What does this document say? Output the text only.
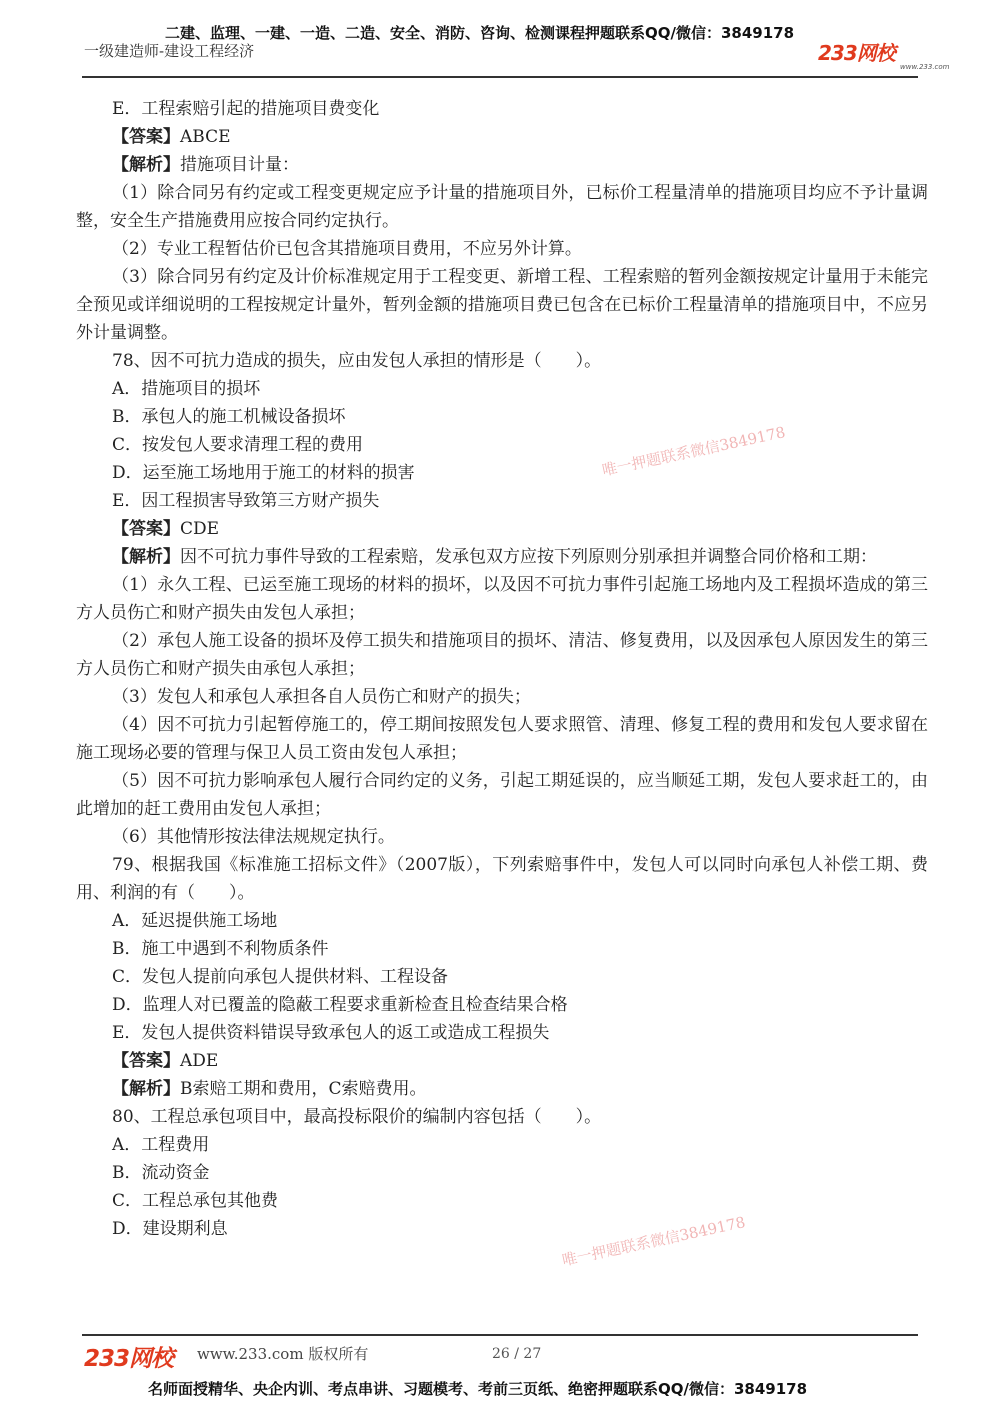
二建、监理、一建、一造、二造、安全、消防、咨询、检测课程押题联系QQ/微信：3849178
一级建造师-建设工程经济	233网校
www.233.com

E．工程索赔引起的措施项目费变化

【答案】ABCE

【解析】措施项目计量：

（1）除合同另有约定或工程变更规定应予计量的措施项目外，已标价工程量清单的措施项目均应不予计量调整，安全生产措施费用应按合同约定执行。

（2）专业工程暂估价已包含其措施项目费用，不应另外计算。

（3）除合同另有约定及计价标准规定用于工程变更、新增工程、工程索赔的暂列金额按规定计量用于未能完全预见或详细说明的工程按规定计量外，暂列金额的措施项目费已包含在已标价工程量清单的措施项目中，不应另外计量调整。

78、因不可抗力造成的损失，应由发包人承担的情形是（　　）。

A．措施项目的损坏

B．承包人的施工机械设备损坏

C．按发包人要求清理工程的费用

D．运至施工场地用于施工的材料的损害

E．因工程损害导致第三方财产损失

【答案】CDE

【解析】因不可抗力事件导致的工程索赔，发承包双方应按下列原则分别承担并调整合同价格和工期：

（1）永久工程、已运至施工现场的材料的损坏，以及因不可抗力事件引起施工场地内及工程损坏造成的第三方人员伤亡和财产损失由发包人承担；

（2）承包人施工设备的损坏及停工损失和措施项目的损坏、清洁、修复费用，以及因承包人原因发生的第三方人员伤亡和财产损失由承包人承担；

（3）发包人和承包人承担各自人员伤亡和财产的损失；

（4）因不可抗力引起暂停施工的，停工期间按照发包人要求照管、清理、修复工程的费用和发包人要求留在施工现场必要的管理与保卫人员工资由发包人承担；

（5）因不可抗力影响承包人履行合同约定的义务，引起工期延误的，应当顺延工期，发包人要求赶工的，由此增加的赶工费用由发包人承担；

（6）其他情形按法律法规规定执行。

79、根据我国《标准施工招标文件》（2007版），下列索赔事件中，发包人可以同时向承包人补偿工期、费用、利润的有（　　）。

A．延迟提供施工场地

B．施工中遇到不利物质条件

C．发包人提前向承包人提供材料、工程设备

D．监理人对已覆盖的隐蔽工程要求重新检查且检查结果合格

E．发包人提供资料错误导致承包人的返工或造成工程损失

【答案】ADE

【解析】B索赔工期和费用，C索赔费用。

80、工程总承包项目中，最高投标限价的编制内容包括（　　）。

A．工程费用

B．流动资金

C．工程总承包其他费

D．建设期利息

唯一押题联系微信3849178
唯一押题联系微信3849178
233网校 www.233.com 版权所有	26 / 27
名师面授精华、央企内训、考点串讲、习题模考、考前三页纸、绝密押题联系QQ/微信：3849178
